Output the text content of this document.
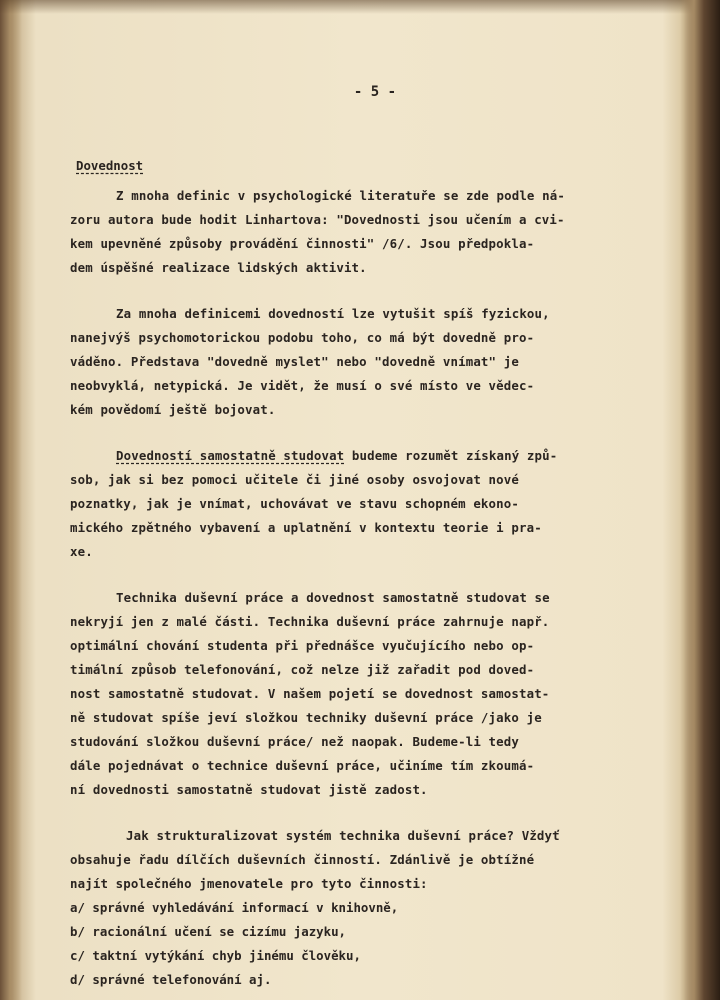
- 5 -
Dovednost
Z mnoha definic v psychologické literatuře se zde podle ná-
zoru autora bude hodit Linhartova: "Dovednosti jsou učením a cvi-
kem upevněné způsoby provádění činnosti" /6/. Jsou předpokla-
dem úspěšné realizace lidských aktivit.
Za mnoha definicemi dovedností lze vytušit spíš fyzickou,
nanejvýš psychomotorickou podobu toho, co má být dovedně pro-
váděno. Představa "dovedně myslet" nebo "dovedně vnímat" je
neobvyklá, netypická. Je vidět, že musí o své místo ve vědec-
kém povědomí ještě bojovat.
Dovedností samostatně studovat budeme rozumět získaný způ-
sob, jak si bez pomoci učitele či jiné osoby osvojovat nové
poznatky, jak je vnímat, uchovávat ve stavu schopném ekono-
mického zpětného vybavení a uplatnění v kontextu teorie i pra-
xe.
Technika duševní práce a dovednost samostatně studovat se
nekryjí jen z malé části. Technika duševní práce zahrnuje např.
optimální chování studenta při přednášce vyučujícího nebo op-
timální způsob telefonování, což nelze již zařadit pod doved-
nost samostatně studovat. V našem pojetí se dovednost samostat-
ně studovat spíše jeví složkou techniky duševní práce /jako je
studování složkou duševní práce/ než naopak. Budeme-li tedy
dále pojednávat o technice duševní práce, učiníme tím zkoumá-
ní dovednosti samostatně studovat jistě zadost.
Jak strukturalizovat systém technika duševní práce? Vždyť
obsahuje řadu dílčích duševních činností. Zdánlivě je obtížné
najít společného jmenovatele pro tyto činnosti:
a/ správné vyhledávání informací v knihovně,
b/ racionální učení se cizímu jazyku,
c/ taktní vytýkání chyb jinému člověku,
d/ správné telefonování aj.
